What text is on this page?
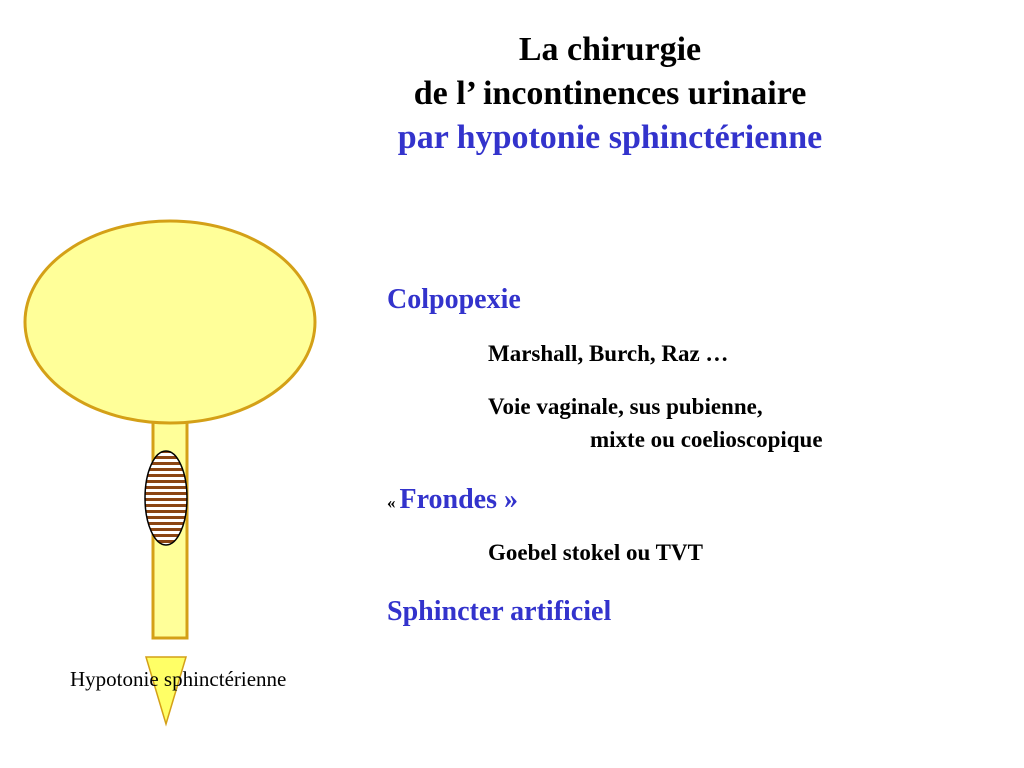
La chirurgie
de l’ incontinences urinaire
par hypotonie sphinctérienne
Hypotonie sphinctérienne
Colpopexie
Marshall, Burch, Raz …
Voie vaginale, sus pubienne,
mixte ou coelioscopique
« Frondes »
Goebel stokel ou TVT
Sphincter artificiel
